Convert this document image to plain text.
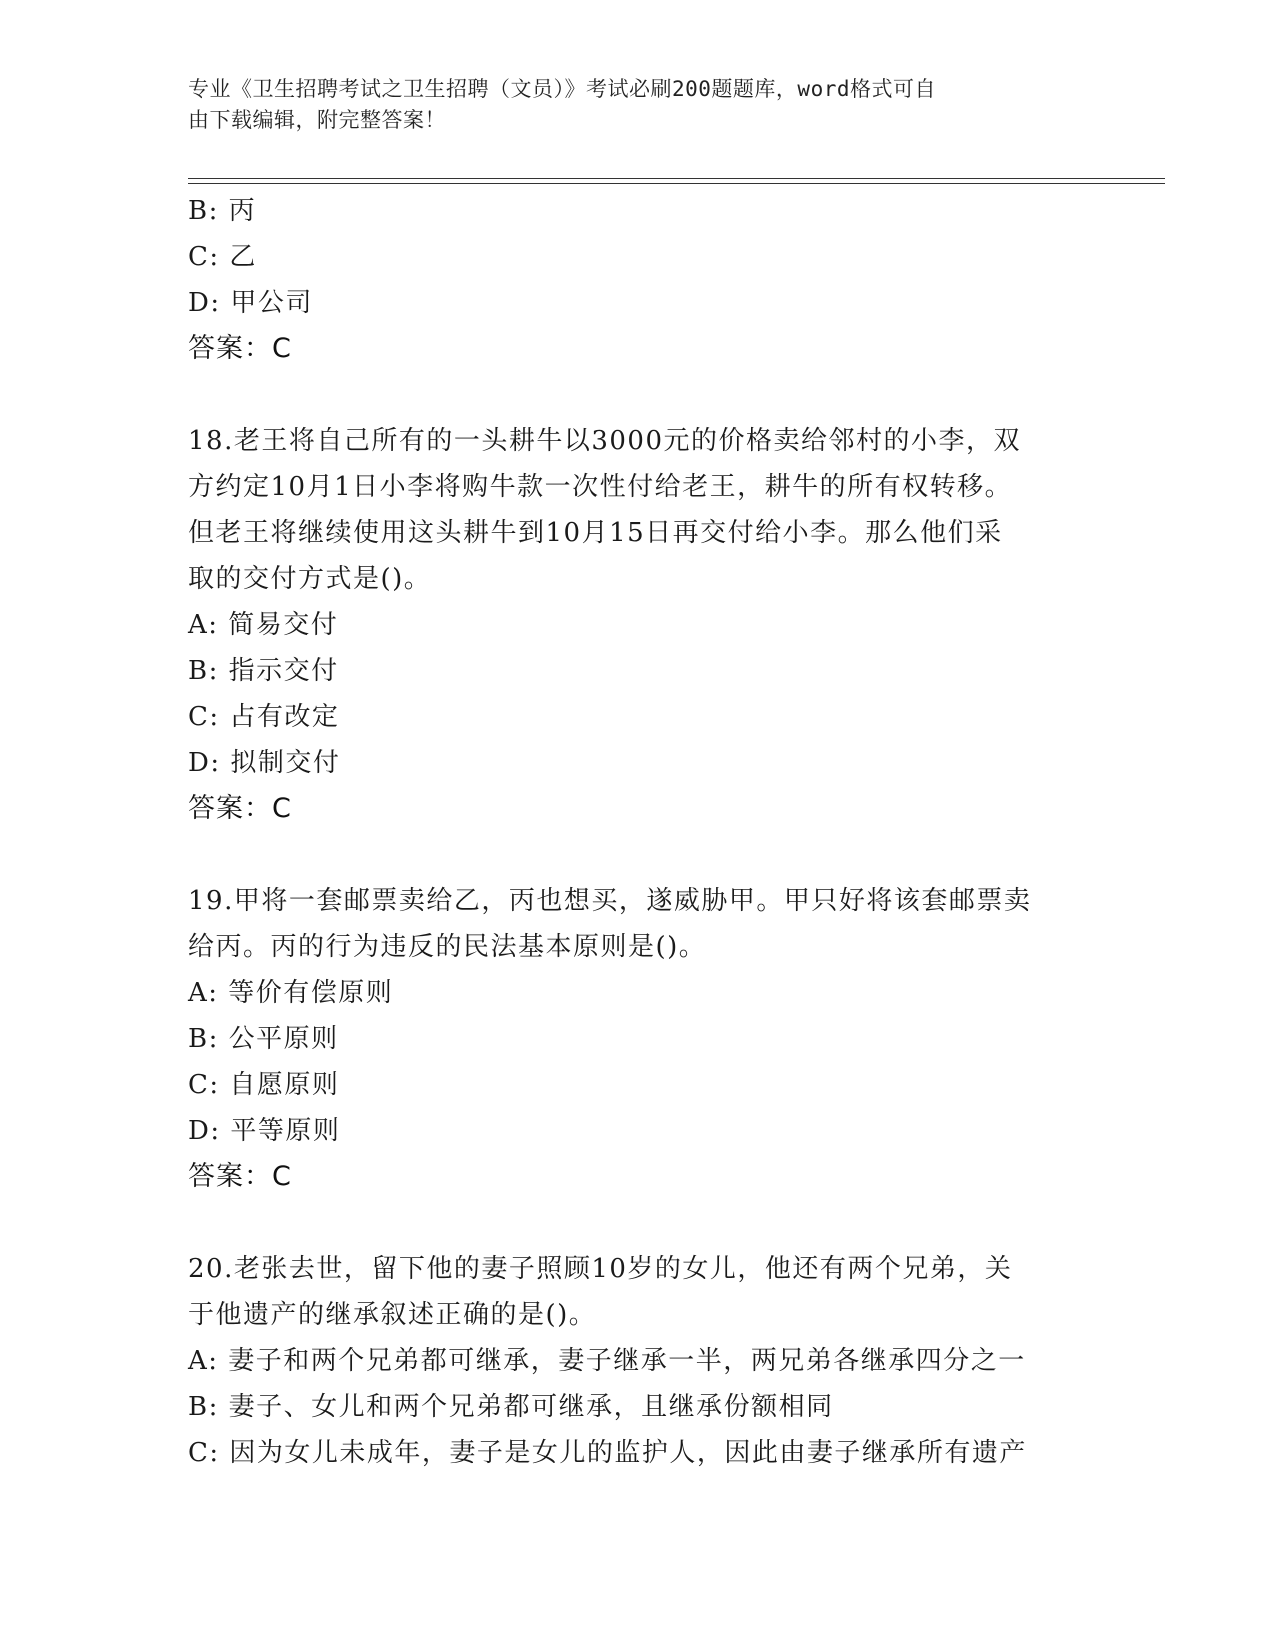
专业《卫生招聘考试之卫生招聘（文员）》考试必刷200题题库，word格式可自
由下载编辑，附完整答案！
B: 丙
C: 乙
D: 甲公司
答案：C
18.老王将自己所有的一头耕牛以3000元的价格卖给邻村的小李，双
方约定10月1日小李将购牛款一次性付给老王，耕牛的所有权转移。
但老王将继续使用这头耕牛到10月15日再交付给小李。那么他们采
取的交付方式是()。
A: 简易交付
B: 指示交付
C: 占有改定
D: 拟制交付
答案：C
19.甲将一套邮票卖给乙，丙也想买，遂威胁甲。甲只好将该套邮票卖
给丙。丙的行为违反的民法基本原则是()。
A: 等价有偿原则
B: 公平原则
C: 自愿原则
D: 平等原则
答案：C
20.老张去世，留下他的妻子照顾10岁的女儿，他还有两个兄弟，关
于他遗产的继承叙述正确的是()。
A: 妻子和两个兄弟都可继承，妻子继承一半，两兄弟各继承四分之一
B: 妻子、女儿和两个兄弟都可继承，且继承份额相同
C: 因为女儿未成年，妻子是女儿的监护人，因此由妻子继承所有遗产
